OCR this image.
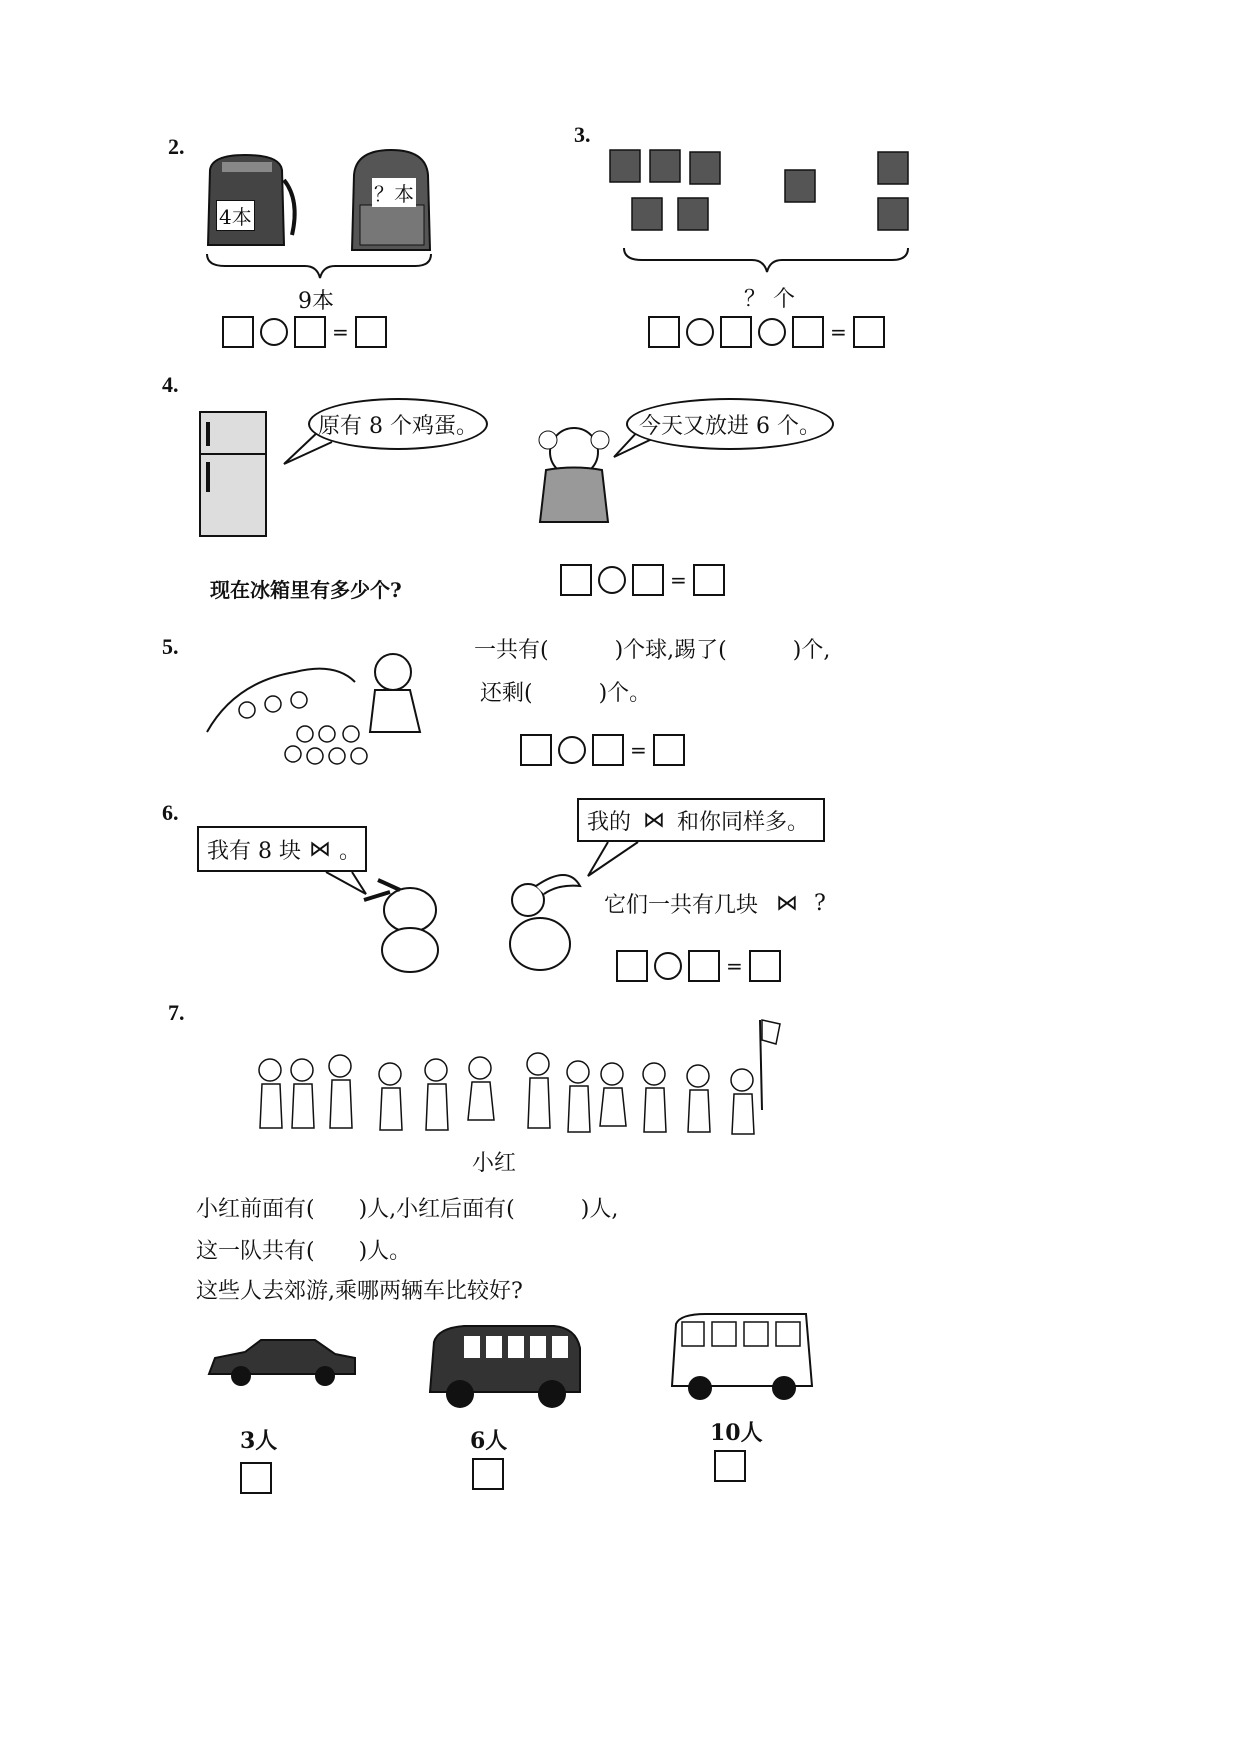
2.
4本
？本
9本
=
3.
？ 个
=
4.
原有 8 个鸡蛋。	今天又放进 6 个。
现在冰箱里有多少个?	=
5.	一共有(　　　)个球,踢了(　　　)个,
还剩(　　　)个。
=
6.
我有 8 块 ⋈ 。
我的 ⋈ 和你同样多。
它们一共有几块 ⋈ ?
=
7.
小红
小红前面有(　　)人,小红后面有(　　　)人,
这一队共有(　　)人。
这些人去郊游,乘哪两辆车比较好?
3人	6人	10人
